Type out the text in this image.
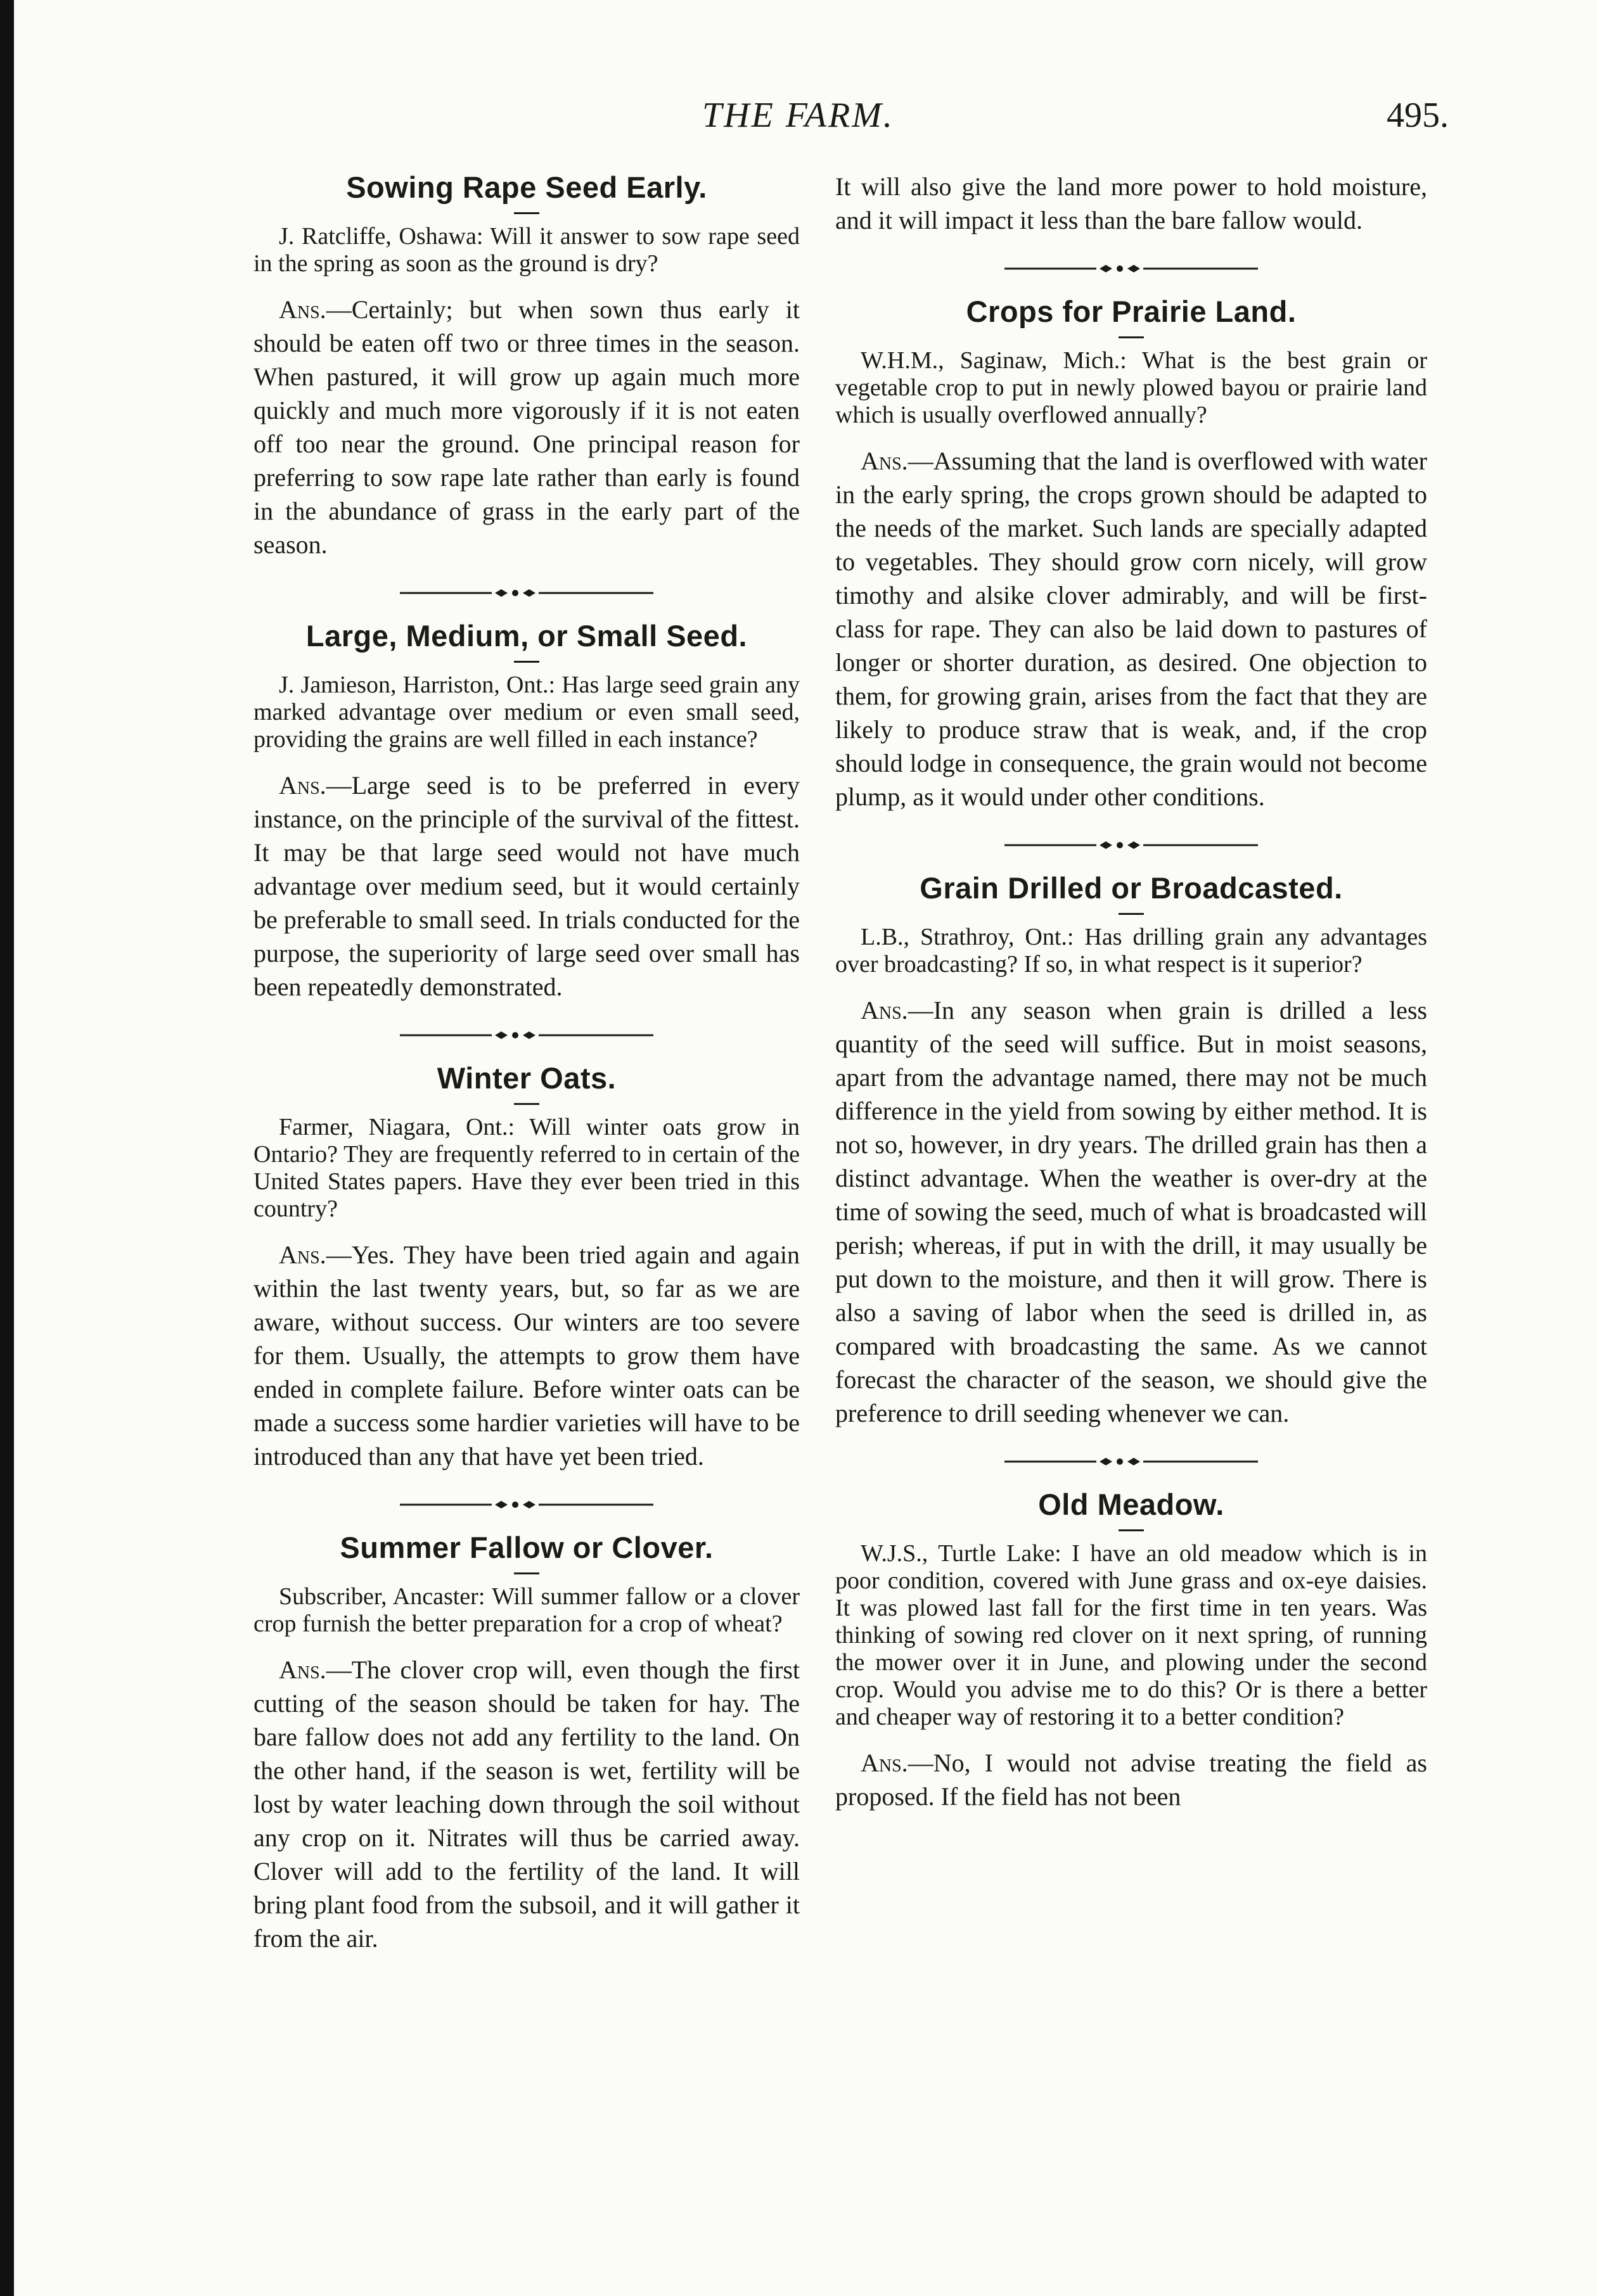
THE FARM.	495.
Sowing Rape Seed Early.

J. Ratcliffe, Oshawa: Will it answer to sow rape seed in the spring as soon as the ground is dry?

Ans.—Certainly; but when sown thus early it should be eaten off two or three times in the season. When pastured, it will grow up again much more quickly and much more vigorously if it is not eaten off too near the ground. One principal reason for preferring to sow rape late rather than early is found in the abundance of grass in the early part of the season.

Large, Medium, or Small Seed.

J. Jamieson, Harriston, Ont.: Has large seed grain any marked advantage over medium or even small seed, providing the grains are well filled in each instance?

Ans.—Large seed is to be preferred in every instance, on the principle of the survival of the fittest. It may be that large seed would not have much advantage over medium seed, but it would certainly be preferable to small seed. In trials conducted for the purpose, the superiority of large seed over small has been repeatedly demonstrated.

Winter Oats.

Farmer, Niagara, Ont.: Will winter oats grow in Ontario? They are frequently referred to in certain of the United States papers. Have they ever been tried in this country?

Ans.—Yes. They have been tried again and again within the last twenty years, but, so far as we are aware, without success. Our winters are too severe for them. Usually, the attempts to grow them have ended in complete failure. Before winter oats can be made a success some hardier varieties will have to be introduced than any that have yet been tried.

Summer Fallow or Clover.

Subscriber, Ancaster: Will summer fallow or a clover crop furnish the better preparation for a crop of wheat?

Ans.—The clover crop will, even though the first cutting of the season should be taken for hay. The bare fallow does not add any fertility to the land. On the other hand, if the season is wet, fertility will be lost by water leaching down through the soil without any crop on it. Nitrates will thus be carried away. Clover will add to the fertility of the land. It will bring plant food from the subsoil, and it will gather it from the air.

It will also give the land more power to hold moisture, and it will impact it less than the bare fallow would.

Crops for Prairie Land.

W.H.M., Saginaw, Mich.: What is the best grain or vegetable crop to put in newly plowed bayou or prairie land which is usually overflowed annually?

Ans.—Assuming that the land is overflowed with water in the early spring, the crops grown should be adapted to the needs of the market. Such lands are specially adapted to vegetables. They should grow corn nicely, will grow timothy and alsike clover admirably, and will be first-class for rape. They can also be laid down to pastures of longer or shorter duration, as desired. One objection to them, for growing grain, arises from the fact that they are likely to produce straw that is weak, and, if the crop should lodge in consequence, the grain would not become plump, as it would under other conditions.

Grain Drilled or Broadcasted.

L.B., Strathroy, Ont.: Has drilling grain any advantages over broadcasting? If so, in what respect is it superior?

Ans.—In any season when grain is drilled a less quantity of the seed will suffice. But in moist seasons, apart from the advantage named, there may not be much difference in the yield from sowing by either method. It is not so, however, in dry years. The drilled grain has then a distinct advantage. When the weather is over-dry at the time of sowing the seed, much of what is broadcasted will perish; whereas, if put in with the drill, it may usually be put down to the moisture, and then it will grow. There is also a saving of labor when the seed is drilled in, as compared with broadcasting the same. As we cannot forecast the character of the season, we should give the preference to drill seeding whenever we can.

Old Meadow.

W.J.S., Turtle Lake: I have an old meadow which is in poor condition, covered with June grass and ox-eye daisies. It was plowed last fall for the first time in ten years. Was thinking of sowing red clover on it next spring, of running the mower over it in June, and plowing under the second crop. Would you advise me to do this? Or is there a better and cheaper way of restoring it to a better condition?

Ans.—No, I would not advise treating the field as proposed. If the field has not been
